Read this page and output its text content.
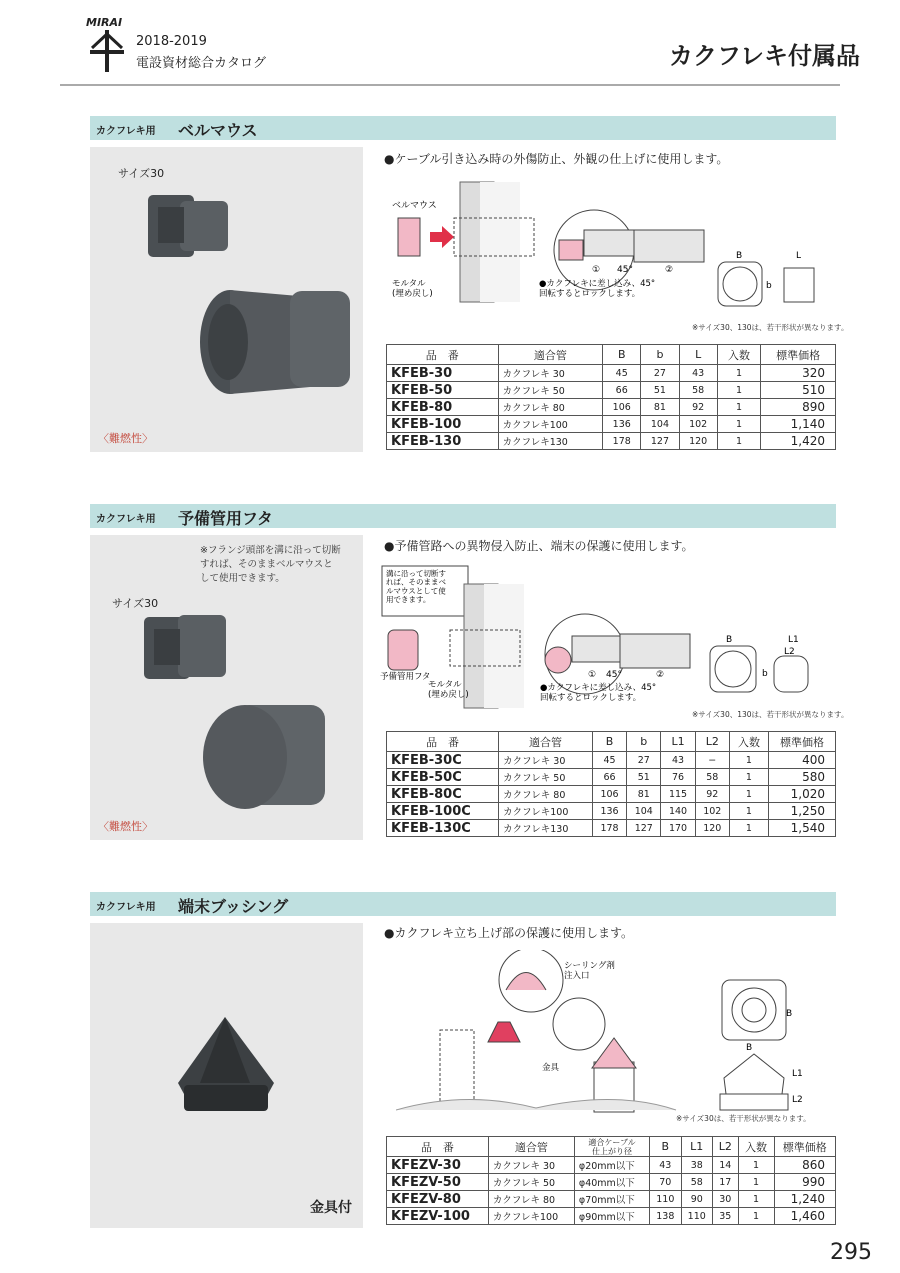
MIRAI
2018-2019
電設資材総合カタログ	カクフレキ付属品
カクフレキ用 ベルマウス
サイズ30
〈難燃性〉
●ケーブル引き込み時の外傷防止、外観の仕上げに使用します。
ベルマウス
モルタル(埋め戻し)
① 45°	②
●カクフレキに差し込み、45°回転するとロックします。
B
b
L
※サイズ30、130は、若干形状が異なります。
品　番	適合管	B	b	L	入数	標準価格
KFEB-30	カクフレキ 30	45	27	43	1	320
KFEB-50	カクフレキ 50	66	51	58	1	510
KFEB-80	カクフレキ 80	106	81	92	1	890
KFEB-100	カクフレキ100	136	104	102	1	1,140
KFEB-130	カクフレキ130	178	127	120	1	1,420
カクフレキ用 予備管用フタ
※フランジ頭部を溝に沿って切断
すれば、そのままベルマウスと
して使用できます。
サイズ30
〈難燃性〉
●予備管路への異物侵入防止、端末の保護に使用します。
溝に沿って切断すれば、そのままベルマウスとして使用できます。
予備管用フタ
モルタル(埋め戻し)
① 45°	②
●カクフレキに差し込み、45°回転するとロックします。
B
b
L1
L2
※サイズ30、130は、若干形状が異なります。
品　番	適合管	B	b	L1	L2	入数	標準価格
KFEB-30C	カクフレキ 30	45	27	43	−	1	400
KFEB-50C	カクフレキ 50	66	51	76	58	1	580
KFEB-80C	カクフレキ 80	106	81	115	92	1	1,020
KFEB-100C	カクフレキ100	136	104	140	102	1	1,250
KFEB-130C	カクフレキ130	178	127	170	120	1	1,540
カクフレキ用 端末ブッシング
金具付
●カクフレキ立ち上げ部の保護に使用します。
シーリング剤注入口
金具
B
B
L1
L2
※サイズ30は、若干形状が異なります。
品　番	適合管	適合ケーブル
仕上がり径	B	L1	L2	入数	標準価格
KFEZV-30	カクフレキ 30	φ20mm以下	43	38	14	1	860
KFEZV-50	カクフレキ 50	φ40mm以下	70	58	17	1	990
KFEZV-80	カクフレキ 80	φ70mm以下	110	90	30	1	1,240
KFEZV-100	カクフレキ100	φ90mm以下	138	110	35	1	1,460
295
